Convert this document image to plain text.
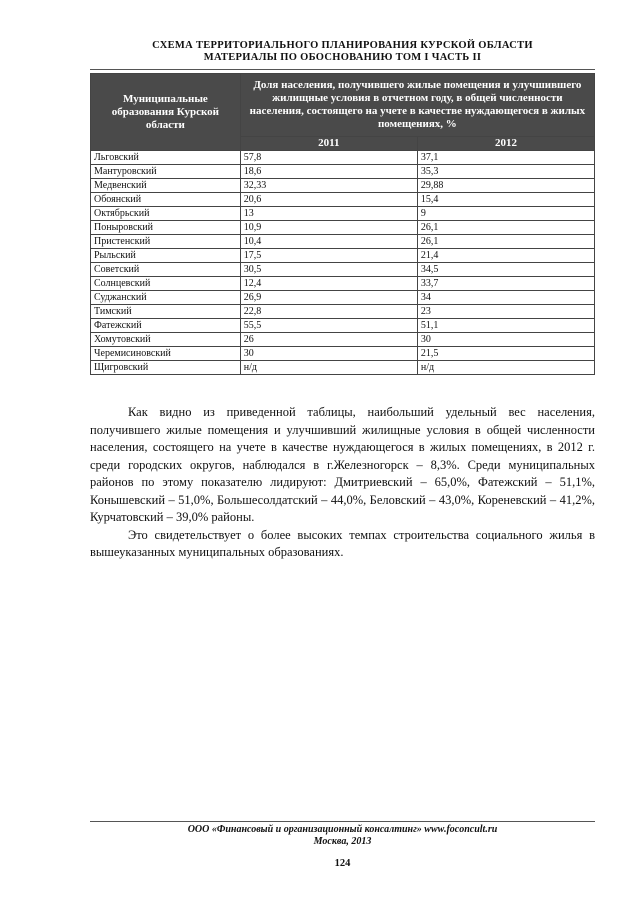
СХЕМА ТЕРРИТОРИАЛЬНОГО ПЛАНИРОВАНИЯ КУРСКОЙ ОБЛАСТИ
МАТЕРИАЛЫ ПО ОБОСНОВАНИЮ ТОМ I ЧАСТЬ II
Муниципальные образования Курской области	Доля населения, получившего жилые помещения и улучшившего жилищные условия в отчетном году, в общей численности населения, состоящего на учете в качестве нуждающегося в жилых помещениях, %	
	2011	2012
Льговский	57,8	37,1
Мантуровский	18,6	35,3
Медвенский	32,33	29,88
Обоянский	20,6	15,4
Октябрьский	13	9
Поныровский	10,9	26,1
Пристенский	10,4	26,1
Рыльский	17,5	21,4
Советский	30,5	34,5
Солнцевский	12,4	33,7
Суджанский	26,9	34
Тимский	22,8	23
Фатежский	55,5	51,1
Хомутовский	26	30
Черемисиновский	30	21,5
Щигровский	н/д	н/д

Как видно из приведенной таблицы, наибольший удельный вес населения, получившего жилые помещения и улучшивший жилищные условия в общей численности населения, состоящего на учете в качестве нуждающегося в жилых помещениях, в 2012 г. среди городских округов, наблюдался в г.Железногорск – 8,3%. Среди муниципальных районов по этому показателю лидируют: Дмитриевский – 65,0%, Фатежский – 51,1%, Конышевский – 51,0%, Большесолдатский – 44,0%, Беловский – 43,0%, Кореневский – 41,2%, Курчатовский – 39,0% районы.

Это свидетельствует о более высоких темпах строительства социального жилья в вышеуказанных муниципальных образованиях.

ООО «Финансовый и организационный консалтинг» www.foconcult.ru
Москва, 2013
124
